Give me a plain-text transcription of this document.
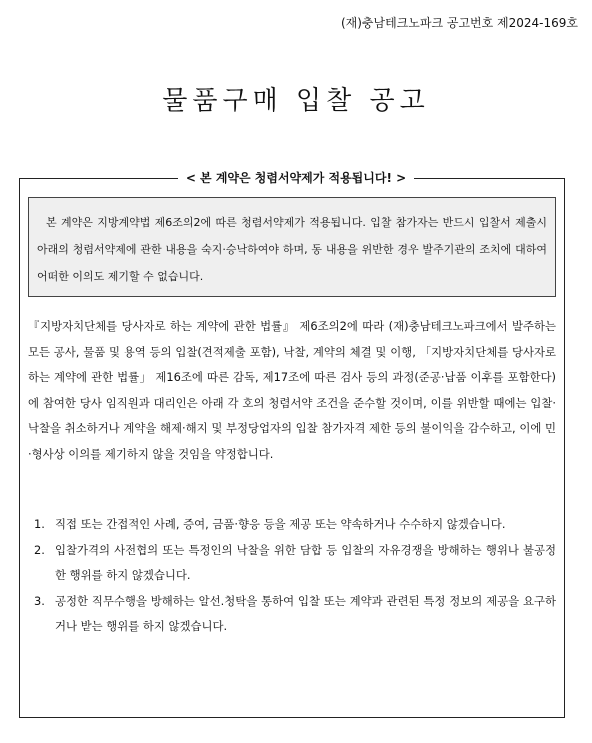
(재)충남테크노파크 공고번호 제2024-169호
물품구매 입찰 공고
< 본 계약은 청렴서약제가 적용됩니다! >
본 계약은 지방계약법 제6조의2에 따른 청렴서약제가 적용됩니다. 입찰 참가자는 반드시 입찰서 제출시 아래의 청렴서약제에 관한 내용을 숙지·승낙하여야 하며, 동 내용을 위반한 경우 발주기관의 조치에 대하여 어떠한 이의도 제기할 수 없습니다.

『지방자치단체를 당사자로 하는 계약에 관한 법률』 제6조의2에 따라 (재)충남테크노파크에서 발주하는 모든 공사, 물품 및 용역 등의 입찰(견적제출 포함), 낙찰, 계약의 체결 및 이행, 「지방자치단체를 당사자로 하는 계약에 관한 법률」 제16조에 따른 감독, 제17조에 따른 검사 등의 과정(준공·납품 이후를 포함한다)에 참여한 당사 임직원과 대리인은 아래 각 호의 청렴서약 조건을 준수할 것이며, 이를 위반할 때에는 입찰·낙찰을 취소하거나 계약을 해제·해지 및 부정당업자의 입찰 참가자격 제한 등의 불이익을 감수하고, 이에 민·형사상 이의를 제기하지 않을 것임을 약정합니다.

1. 직접 또는 간접적인 사례, 증여, 금품·향응 등을 제공 또는 약속하거나 수수하지 않겠습니다.
2. 입찰가격의 사전협의 또는 특정인의 낙찰을 위한 담합 등 입찰의 자유경쟁을 방해하는 행위나 불공정한 행위를 하지 않겠습니다.
3. 공정한 직무수행을 방해하는 알선.청탁을 통하여 입찰 또는 계약과 관련된 특정 정보의 제공을 요구하거나 받는 행위를 하지 않겠습니다.
